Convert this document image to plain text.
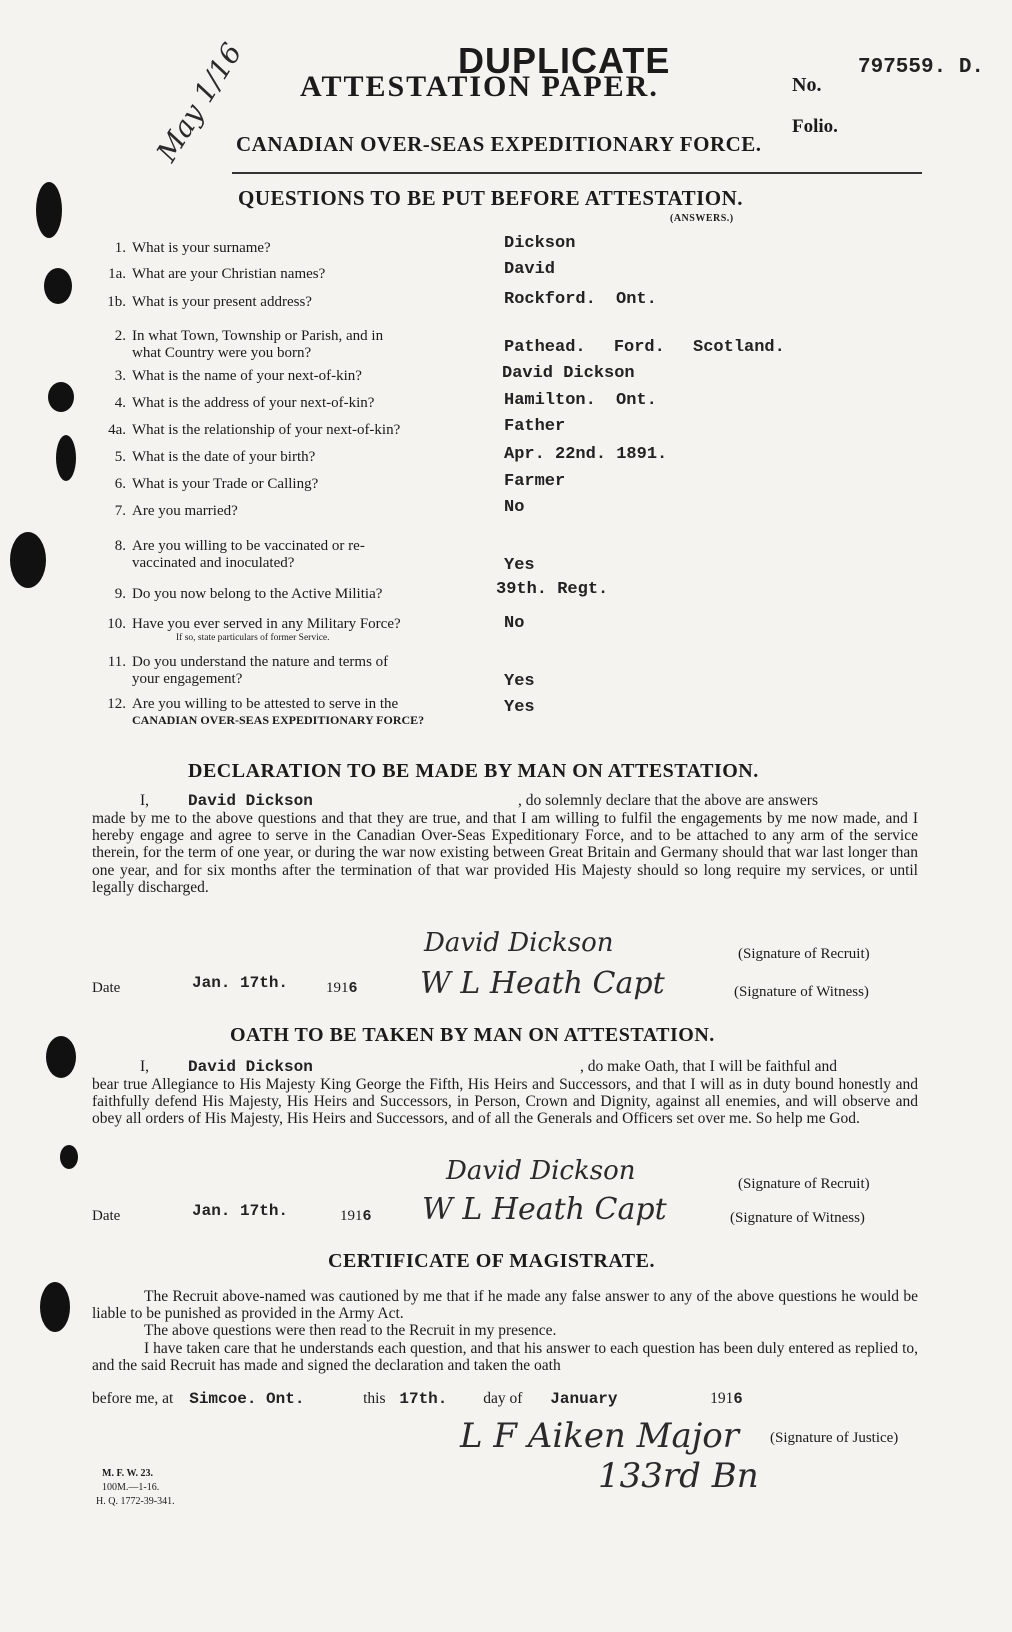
May 1/16	DUPLICATE
ATTESTATION PAPER.	No.
797559. D.
Folio.
CANADIAN OVER-SEAS EXPEDITIONARY FORCE.
QUESTIONS TO BE PUT BEFORE ATTESTATION.
(ANSWERS.)
1. What is your surname?	Dickson
1a. What are your Christian names?	David
1b. What is your present address?	Rockford. Ont.
2. In what Town, Township or Parish, and in
what Country were you born?	Pathead. Ford. Scotland.
3. What is the name of your next-of-kin?	David Dickson
4. What is the address of your next-of-kin?	Hamilton. Ont.
4a. What is the relationship of your next-of-kin?	Father
5. What is the date of your birth?	Apr. 22nd. 1891.
6. What is your Trade or Calling?	Farmer
7. Are you married?	No
8. Are you willing to be vaccinated or re-
vaccinated and inoculated?	Yes
9. Do you now belong to the Active Militia?	39th. Regt.
10. Have you ever served in any Military Force?
If so, state particulars of former Service.
No
11. Do you understand the nature and terms of
your engagement?	Yes
12. Are you willing to be attested to serve in the
CANADIAN OVER-SEAS EXPEDITIONARY FORCE?
Yes
DECLARATION TO BE MADE BY MAN ON ATTESTATION.
I, David Dickson	, do solemnly declare that the above are answers
made by me to the above questions and that they are true, and that I am willing to fulfil the engagements by me now made, and I hereby engage and agree to serve in the Canadian Over-Seas Expeditionary Force, and to be attached to any arm of the service therein, for the term of one year, or during the war now existing between Great Britain and Germany should that war last longer than one year, and for six months after the termination of that war provided His Majesty should so long require my services, or until legally discharged.
David Dickson	(Signature of Recruit)
Date	Jan. 17th.	1916 W L Heath Capt	(Signature of Witness)
OATH TO BE TAKEN BY MAN ON ATTESTATION.
I, David Dickson	, do make Oath, that I will be faithful and
bear true Allegiance to His Majesty King George the Fifth, His Heirs and Successors, and that I will as in duty bound honestly and faithfully defend His Majesty, His Heirs and Successors, in Person, Crown and Dignity, against all enemies, and will observe and obey all orders of His Majesty, His Heirs and Successors, and of all the Generals and Officers set over me. So help me God.
David Dickson	(Signature of Recruit)
Date	Jan. 17th.	1916 W L Heath Capt	(Signature of Witness)
CERTIFICATE OF MAGISTRATE.
The Recruit above-named was cautioned by me that if he made any false answer to any of the above questions he would be liable to be punished as provided in the Army Act.
The above questions were then read to the Recruit in my presence.
I have taken care that he understands each question, and that his answer to each question has been duly entered as replied to, and the said Recruit has made and signed the declaration and taken the oath
before me, at Simcoe. Ont.	this 17th. day of January	1916
L F Aiken Major (Signature of Justice)
133rd Bn
M. F. W. 23.
100M.—1-16.
H. Q. 1772-39-341.
